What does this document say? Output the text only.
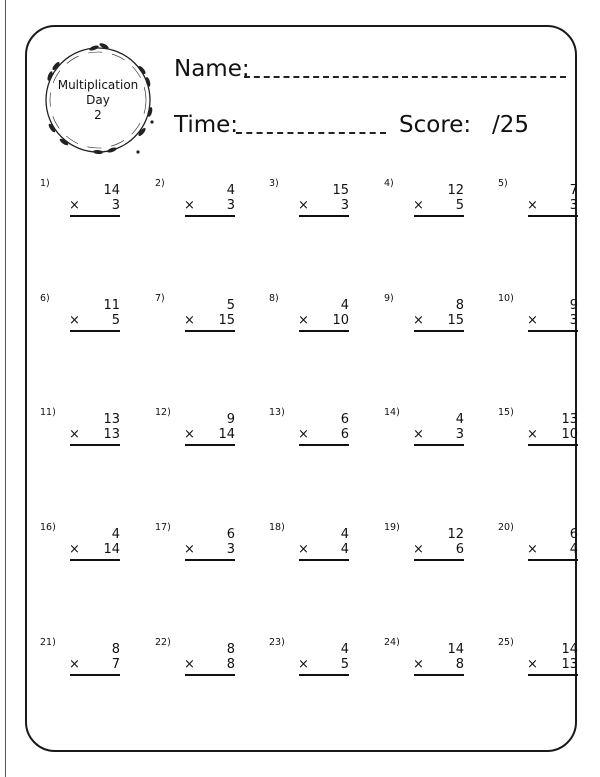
Multiplication
Day
2
Name:
Time:	Score: /25
1)	14
×	3
2)	4
×	3
3)	15
×	3
4)	12
×	5
5)	7
×	3
6)	11
×	5
7)	5
×	15
8)	4
×	10
9)	8
×	15
10)	9
×	3
11)	13
×	13
12)	9
×	14
13)	6
×	6
14)	4
×	3
15)	13
×	10
16)	4
×	14
17)	6
×	3
18)	4
×	4
19)	12
×	6
20)	6
×	4
21)	8
×	7
22)	8
×	8
23)	4
×	5
24)	14
×	8
25)	14
×	13
